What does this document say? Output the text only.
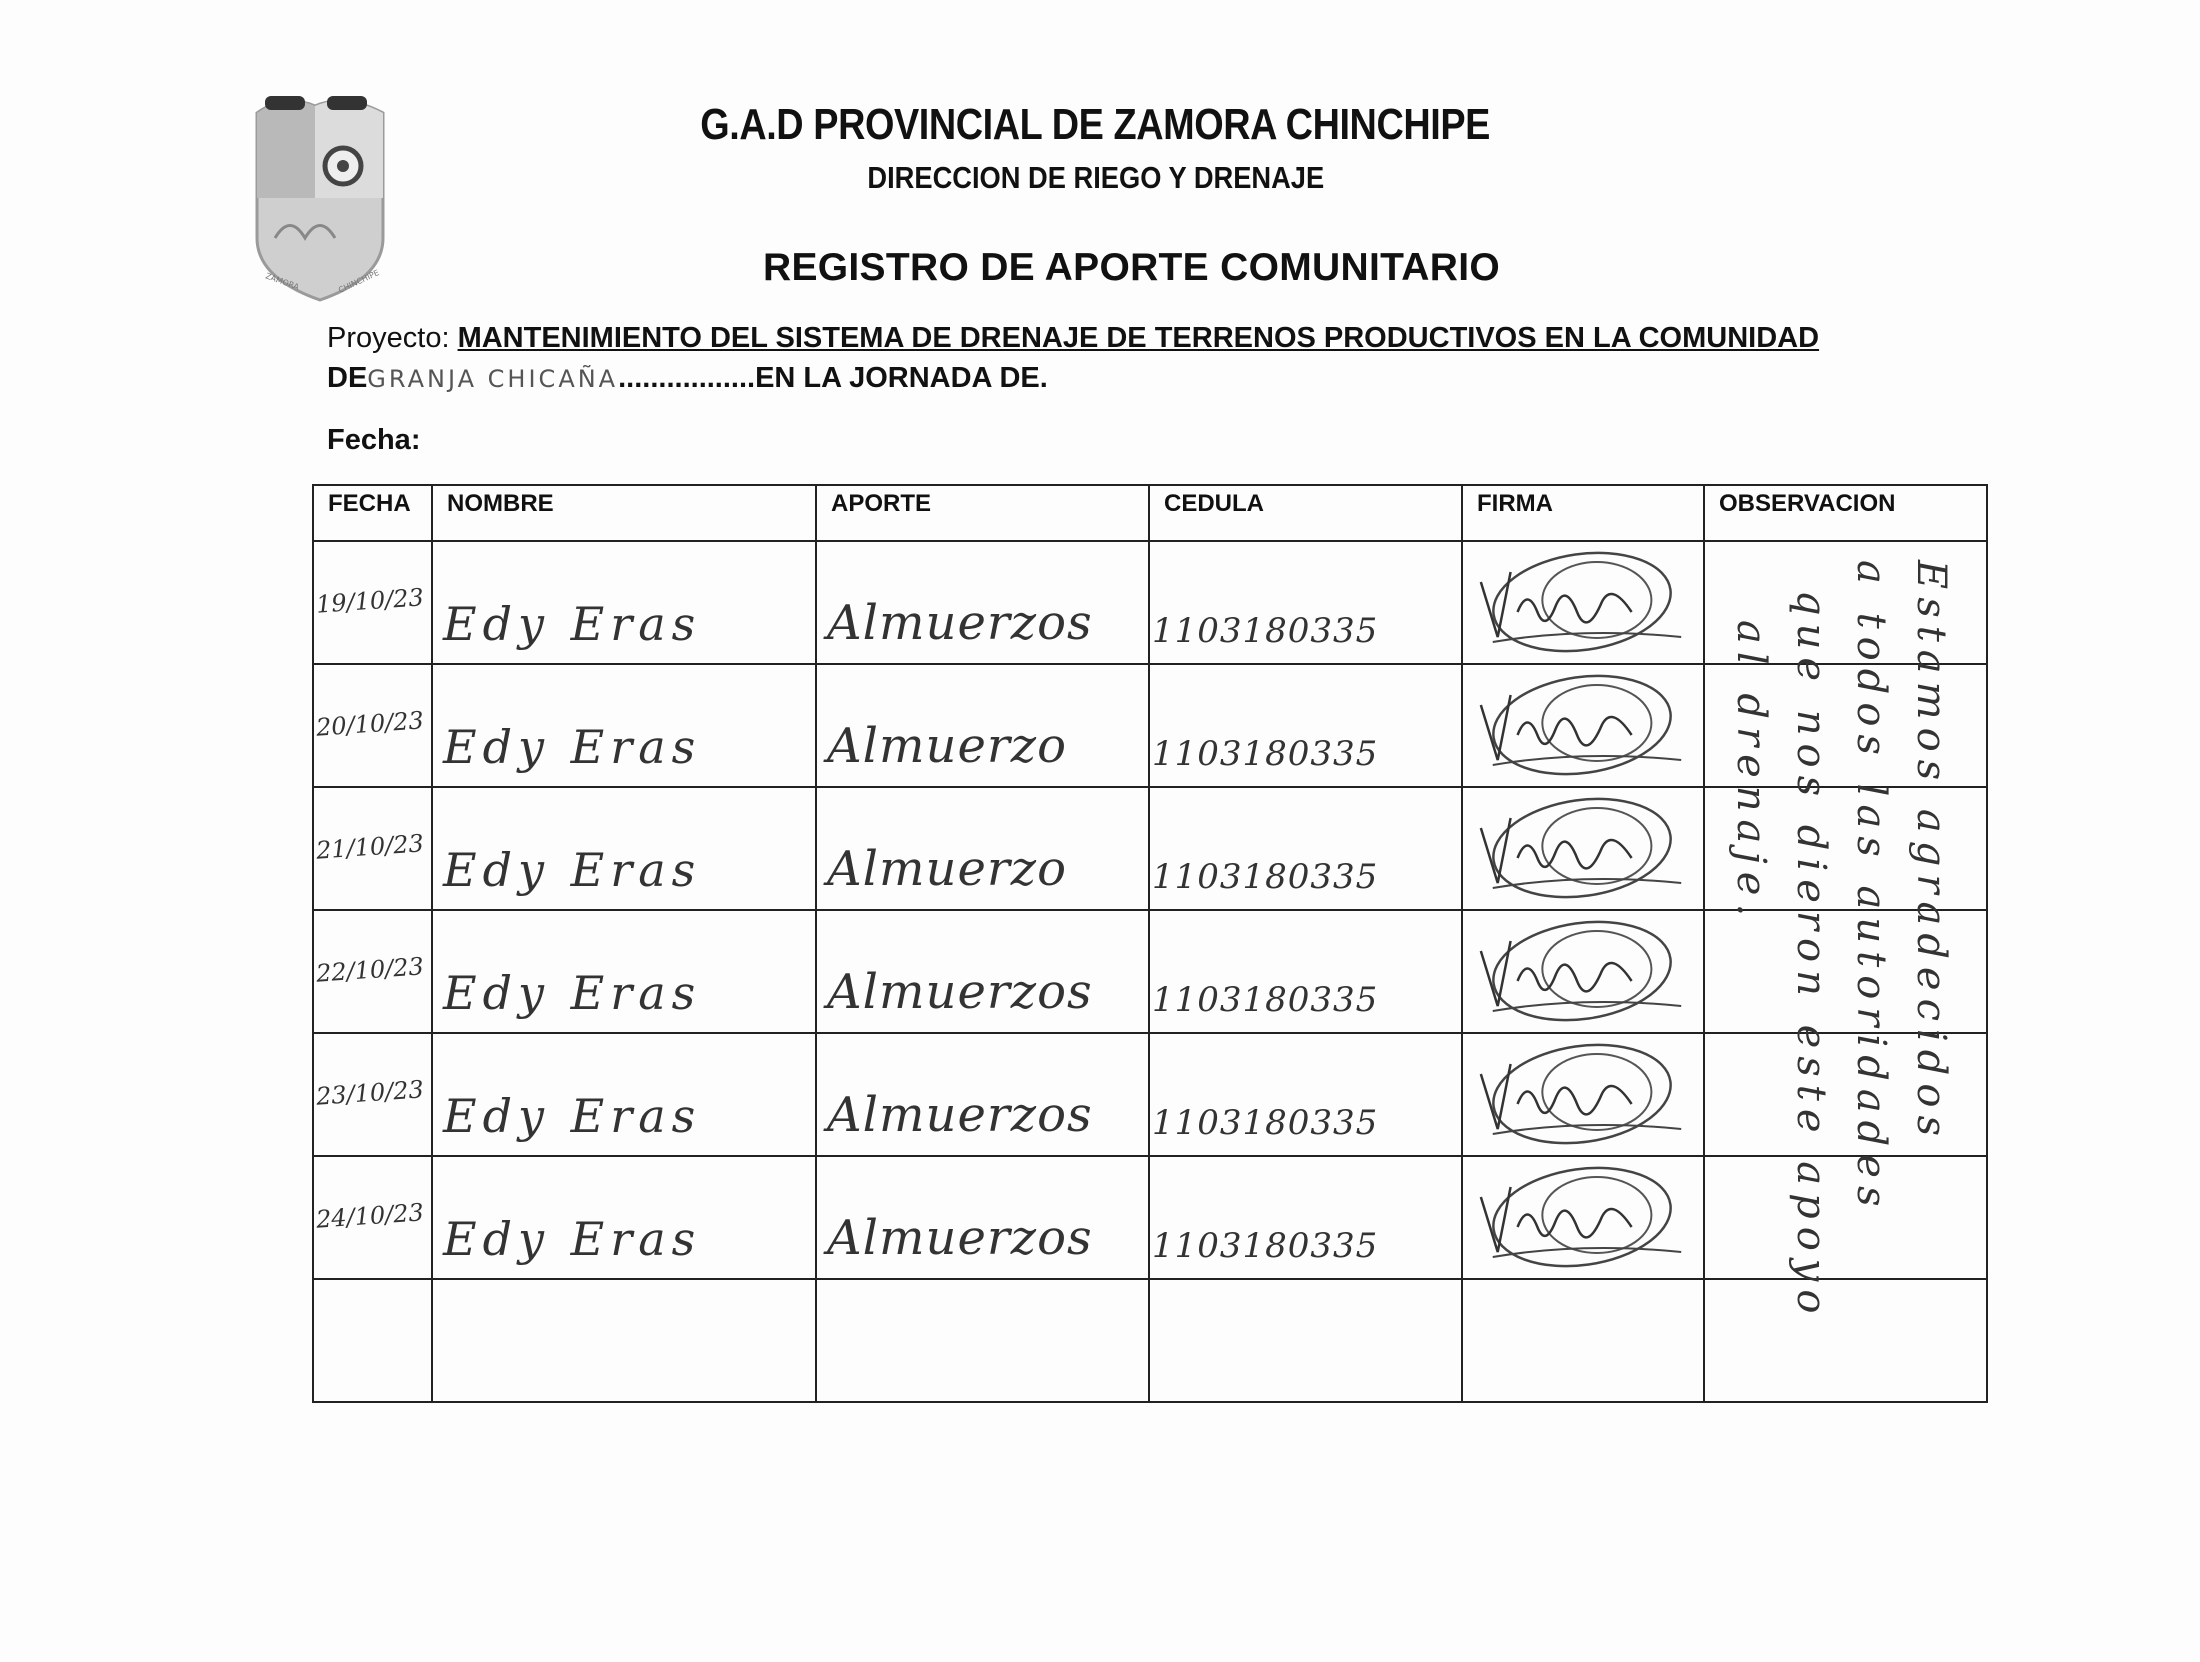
ZAMORA	CHINCHIPE
G.A.D PROVINCIAL DE ZAMORA CHINCHIPE
DIRECCION DE RIEGO Y DRENAJE
REGISTRO DE APORTE COMUNITARIO
Proyecto: MANTENIMIENTO DEL SISTEMA DE DRENAJE DE TERRENOS PRODUCTIVOS EN LA COMUNIDAD
DEGRANJA CHICAÑA.................EN LA JORNADA DE.
Fecha:
FECHA	NOMBRE	APORTE	CEDULA	FIRMA	OBSERVACION

19/10/23	Edy Eras	Almuerzos	1103180335

20/10/23	Edy Eras	Almuerzo	1103180335

21/10/23	Edy Eras	Almuerzo	1103180335

22/10/23	Edy Eras	Almuerzos	1103180335

23/10/23	Edy Eras	Almuerzos	1103180335

24/10/23	Edy Eras	Almuerzos	1103180335

Estamos agradecidos
a todos las autoridades
que nos dieron este apoyo
al drenaje.
